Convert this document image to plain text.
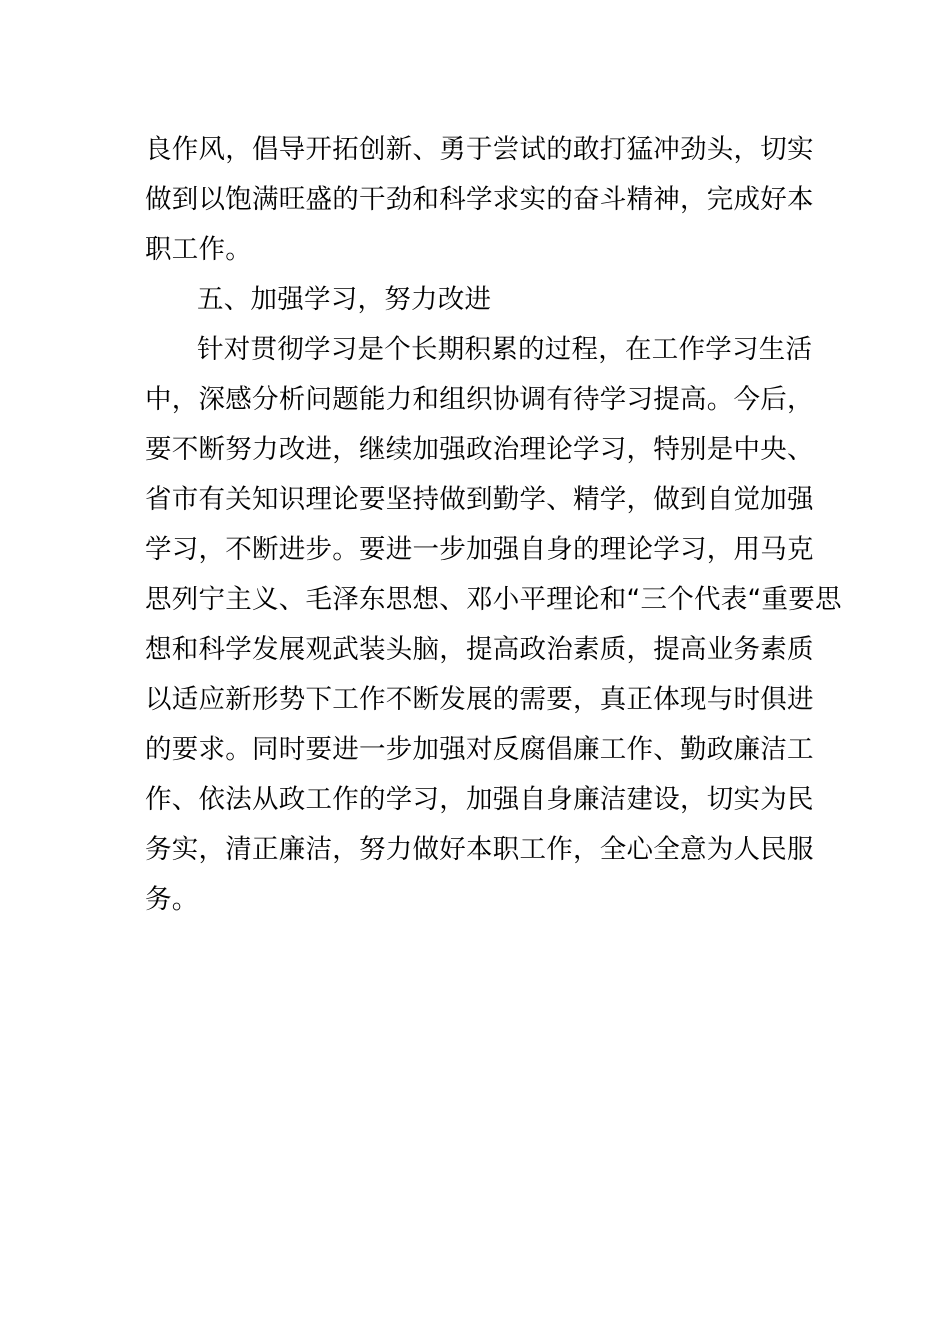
良作风，倡导开拓创新、勇于尝试的敢打猛冲劲头，切实
做到以饱满旺盛的干劲和科学求实的奋斗精神，完成好本
职工作。
五、加强学习，努力改进
针对贯彻学习是个长期积累的过程，在工作学习生活
中，深感分析问题能力和组织协调有待学习提高。今后，
要不断努力改进，继续加强政治理论学习，特别是中央、
省市有关知识理论要坚持做到勤学、精学，做到自觉加强
学习，不断进步。要进一步加强自身的理论学习，用马克
思列宁主义、毛泽东思想、邓小平理论和“三个代表“重要思
想和科学发展观武装头脑，提高政治素质，提高业务素质
以适应新形势下工作不断发展的需要，真正体现与时俱进
的要求。同时要进一步加强对反腐倡廉工作、勤政廉洁工
作、依法从政工作的学习，加强自身廉洁建设，切实为民
务实，清正廉洁，努力做好本职工作，全心全意为人民服
务。
